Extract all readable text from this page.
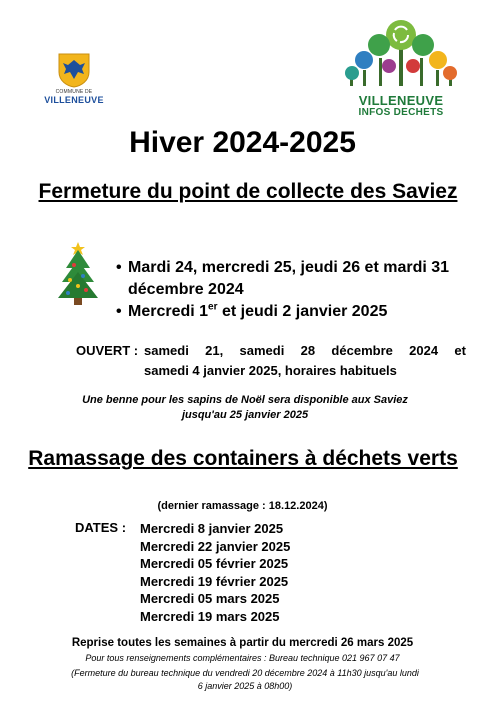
COMMUNE DE
VILLENEUVE	VILLENEUVE
INFOS DECHETS
Hiver 2024-2025
Fermeture du point de collecte des Saviez
• Mardi 24, mercredi 25, jeudi 26 et mardi 31 décembre 2024
• Mercredi 1er et jeudi 2 janvier 2025
OUVERT : samedi 21, samedi 28 décembre 2024 et
samedi 4 janvier 2025, horaires habituels
Une benne pour les sapins de Noël sera disponible aux Saviez
jusqu'au 25 janvier 2025
Ramassage des containers à déchets verts
(dernier ramassage : 18.12.2024)
DATES : Mercredi 8 janvier 2025
Mercredi 22 janvier 2025
Mercredi 05 février 2025
Mercredi 19 février 2025
Mercredi 05 mars 2025
Mercredi 19 mars 2025
Reprise toutes les semaines à partir du mercredi 26 mars 2025
Pour tous renseignements complémentaires : Bureau technique 021 967 07 47
(Fermeture du bureau technique du vendredi 20 décembre 2024 à 11h30 jusqu'au lundi
6 janvier 2025 à 08h00)
